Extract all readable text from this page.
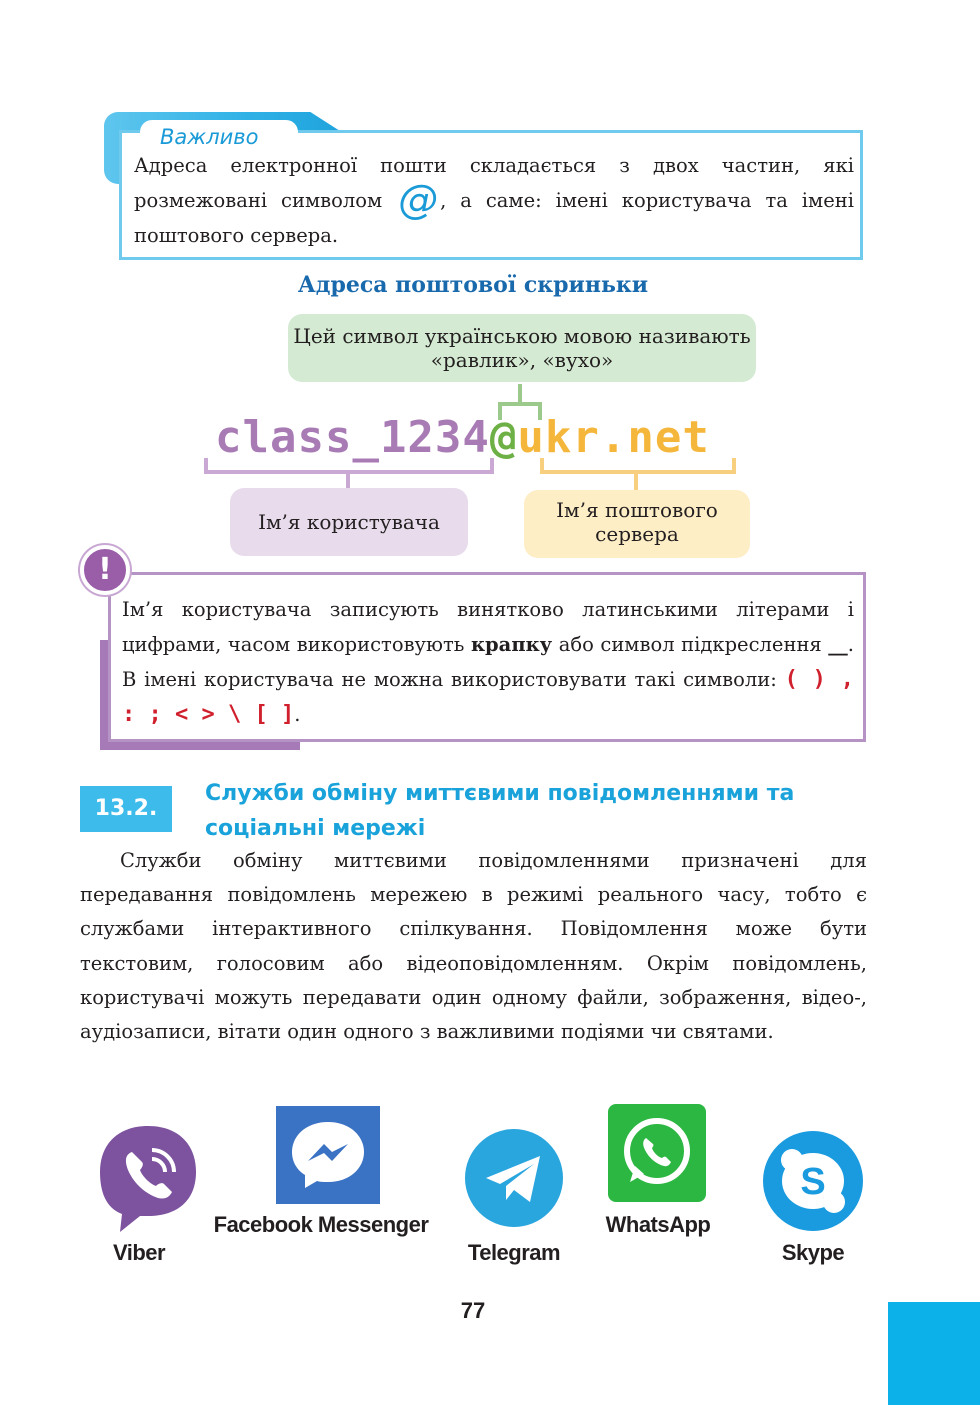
Важливо
Адреса електронної пошти складається з двох частин, які розмежовані символом @ , а саме: імені користувача та імені поштового сервера.
Адреса поштової скриньки
Цей символ українською мовою називають «равлик», «вухо»
class_1234@ukr.net
Ім’я користувача	Ім’я поштового сервера
!
Ім’я користувача записують винятково латинськими літерами і цифрами, часом використовують крапку або символ підкреслення __. В імені користувача не можна використовувати такі символи: ( ) , : ; < > \ [ ].
13.2.
Служби обміну миттєвими повідомленнями та соціальні мережі
Служби обміну миттєвими повідомленнями призначені для передавання повідомлень мережею в режимі реального часу, тобто є службами інтерактивного спілкування. Повідомлення може бути текстовим, голосовим або відеоповідомленням. Окрім повідомлень, користувачі можуть передавати один одному файли, зображення, відео-, аудіозаписи, вітати один одного з важливими подіями чи святами.
Viber
Facebook Messenger
Telegram
WhatsApp
S
Skype
77
